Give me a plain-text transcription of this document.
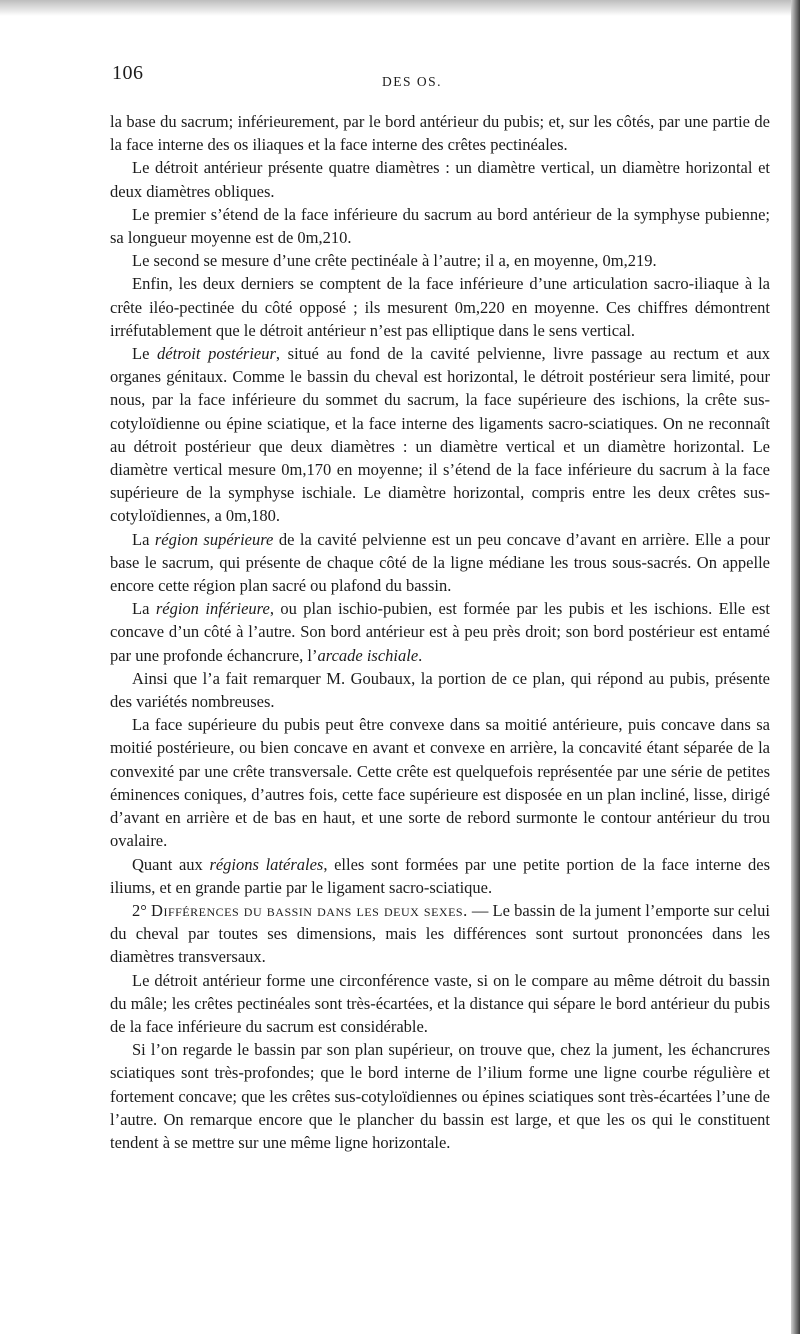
106	DES OS.

la base du sacrum; inférieurement, par le bord antérieur du pubis; et, sur les côtés, par une partie de la face interne des os iliaques et la face interne des crêtes pectinéales.

Le détroit antérieur présente quatre diamètres : un diamètre vertical, un diamètre horizontal et deux diamètres obliques.

Le premier s’étend de la face inférieure du sacrum au bord antérieur de la symphyse pubienne; sa longueur moyenne est de 0m,210.

Le second se mesure d’une crête pectinéale à l’autre; il a, en moyenne, 0m,219.

Enfin, les deux derniers se comptent de la face inférieure d’une articulation sacro-iliaque à la crête iléo-pectinée du côté opposé ; ils mesurent 0m,220 en moyenne. Ces chiffres démontrent irréfutablement que le détroit antérieur n’est pas elliptique dans le sens vertical.

Le détroit postérieur, situé au fond de la cavité pelvienne, livre passage au rectum et aux organes génitaux. Comme le bassin du cheval est horizontal, le détroit postérieur sera limité, pour nous, par la face inférieure du sommet du sacrum, la face supérieure des ischions, la crête sus-cotyloïdienne ou épine sciatique, et la face interne des ligaments sacro-sciatiques. On ne reconnaît au détroit postérieur que deux diamètres : un diamètre vertical et un diamètre horizontal. Le diamètre vertical mesure 0m,170 en moyenne; il s’étend de la face inférieure du sacrum à la face supérieure de la symphyse ischiale. Le diamètre horizontal, compris entre les deux crêtes sus-cotyloïdiennes, a 0m,180.

La région supérieure de la cavité pelvienne est un peu concave d’avant en arrière. Elle a pour base le sacrum, qui présente de chaque côté de la ligne médiane les trous sous-sacrés. On appelle encore cette région plan sacré ou plafond du bassin.

La région inférieure, ou plan ischio-pubien, est formée par les pubis et les ischions. Elle est concave d’un côté à l’autre. Son bord antérieur est à peu près droit; son bord postérieur est entamé par une profonde échancrure, l’arcade ischiale.

Ainsi que l’a fait remarquer M. Goubaux, la portion de ce plan, qui répond au pubis, présente des variétés nombreuses.

La face supérieure du pubis peut être convexe dans sa moitié antérieure, puis concave dans sa moitié postérieure, ou bien concave en avant et convexe en arrière, la concavité étant séparée de la convexité par une crête transversale. Cette crête est quelquefois représentée par une série de petites éminences coniques, d’autres fois, cette face supérieure est disposée en un plan incliné, lisse, dirigé d’avant en arrière et de bas en haut, et une sorte de rebord surmonte le contour antérieur du trou ovalaire.

Quant aux régions latérales, elles sont formées par une petite portion de la face interne des iliums, et en grande partie par le ligament sacro-sciatique.

2° Différences du bassin dans les deux sexes. — Le bassin de la jument l’emporte sur celui du cheval par toutes ses dimensions, mais les différences sont surtout prononcées dans les diamètres transversaux.

Le détroit antérieur forme une circonférence vaste, si on le compare au même détroit du bassin du mâle; les crêtes pectinéales sont très-écartées, et la distance qui sépare le bord antérieur du pubis de la face inférieure du sacrum est considérable.

Si l’on regarde le bassin par son plan supérieur, on trouve que, chez la jument, les échancrures sciatiques sont très-profondes; que le bord interne de l’ilium forme une ligne courbe régulière et fortement concave; que les crêtes sus-cotyloïdiennes ou épines sciatiques sont très-écartées l’une de l’autre. On remarque encore que le plancher du bassin est large, et que les os qui le constituent tendent à se mettre sur une même ligne horizontale.
